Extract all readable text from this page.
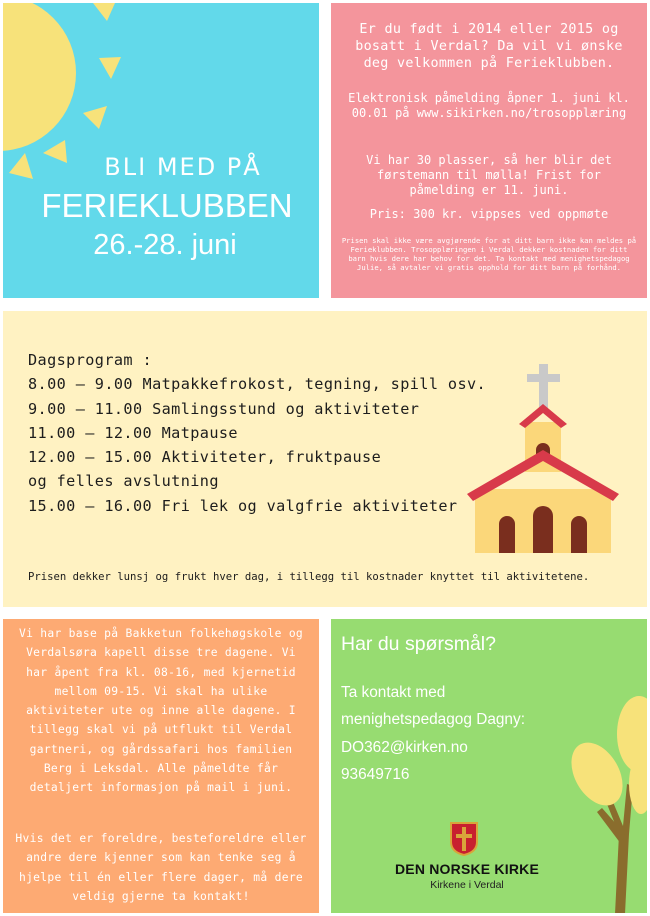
BLI MED PÅ
FERIEKLUBBEN
26.-28. juni
Er du født i 2014 eller 2015 og bosatt i Verdal? Da vil vi ønske deg velkommen på Ferieklubben.
Elektronisk påmelding åpner 1. juni kl. 00.01 på www.sikirken.no/trosopplæring
Vi har 30 plasser, så her blir det førstemann til mølla! Frist for påmelding er 11. juni.
Pris: 300 kr. vippses ved oppmøte
Prisen skal ikke være avgjørende for at ditt barn ikke kan meldes på Ferieklubben. Trosopplæringen i Verdal dekker kostnaden for ditt barn hvis dere har behov for det. Ta kontakt med menighetspedagog Julie, så avtaler vi gratis opphold for ditt barn på forhånd.
Dagsprogram :
8.00 – 9.00 Matpakkefrokost, tegning, spill osv.
9.00 – 11.00 Samlingsstund og aktiviteter
11.00 – 12.00 Matpause
12.00 – 15.00 Aktiviteter, fruktpause
og felles avslutning
15.00 – 16.00 Fri lek og valgfrie aktiviteter
Prisen dekker lunsj og frukt hver dag, i tillegg til kostnader knyttet til aktivitetene.
Vi har base på Bakketun folkehøgskole og Verdalsøra kapell disse tre dagene. Vi har åpent fra kl. 08-16, med kjernetid mellom 09-15. Vi skal ha ulike aktiviteter ute og inne alle dagene. I tillegg skal vi på utflukt til Verdal gartneri, og gårdssafari hos familien Berg i Leksdal. Alle påmeldte får detaljert informasjon på mail i juni.
Hvis det er foreldre, besteforeldre eller andre dere kjenner som kan tenke seg å hjelpe til én eller flere dager, må dere veldig gjerne ta kontakt!
Har du spørsmål?
Ta kontakt med
menighetspedagog Dagny:
DO362@kirken.no
93649716
DEN NORSKE KIRKE
Kirkene i Verdal
